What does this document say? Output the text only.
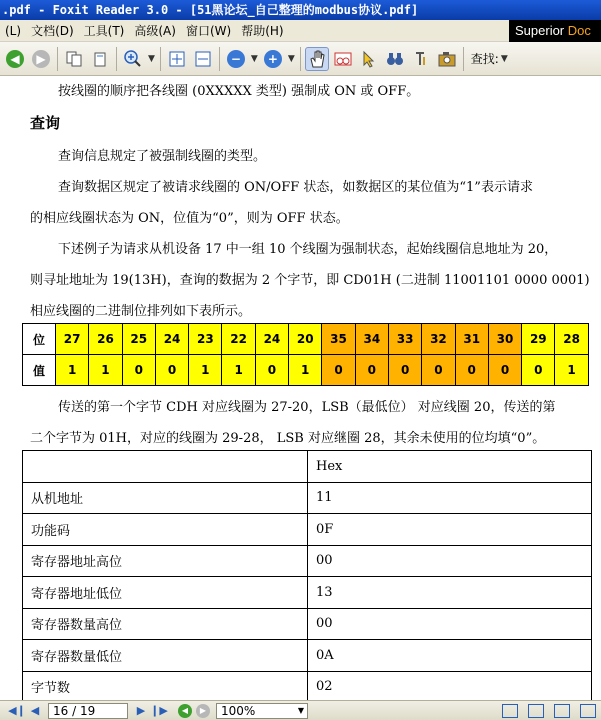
.pdf - Foxit Reader 3.0 - [51黑论坛_自己整理的modbus协议.pdf]
(L) 文档(D) 工具(T) 高级(A) 窗口(W) 帮助(H)	Superior Doc
◀	▶	▼	−	▼ +	▼	查找: ▼
按线圈的顺序把各线圈 (0XXXXX 类型) 强制成 ON 或 OFF。
查询
查询信息规定了被强制线圈的类型。
查询数据区规定了被请求线圈的 ON/OFF 状态，如数据区的某位值为“1”表示请求
的相应线圈状态为 ON，位值为“0”，则为 OFF 状态。
下述例子为请求从机设备 17 中一组 10 个线圈为强制状态，起始线圈信息地址为 20，
则寻址地址为 19(13H)，查询的数据为 2 个字节，即 CD01H (二进制 11001101 0000 0001)
相应线圈的二进制位排列如下表所示。
位	27	26	25	24	23	22	24	20	35	34	33	32	31	30	29	28
值	1	1	0	0	1	1	0	1	0	0	0	0	0	0	0	1
传送的第一个字节 CDH 对应线圈为 27-20，LSB（最低位） 对应线圈 20，传送的第
二个字节为 01H，对应的线圈为 29-28， LSB 对应继圈 28，其余未使用的位均填“0”。
	Hex
从机地址	11
功能码	0F
寄存器地址高位	00
寄存器地址低位	13
寄存器数量高位	00
寄存器数量低位	0A
字节数	02
◀❙ ◀	16 / 19	▶ ❙▶	◀	▶	100%	▼
